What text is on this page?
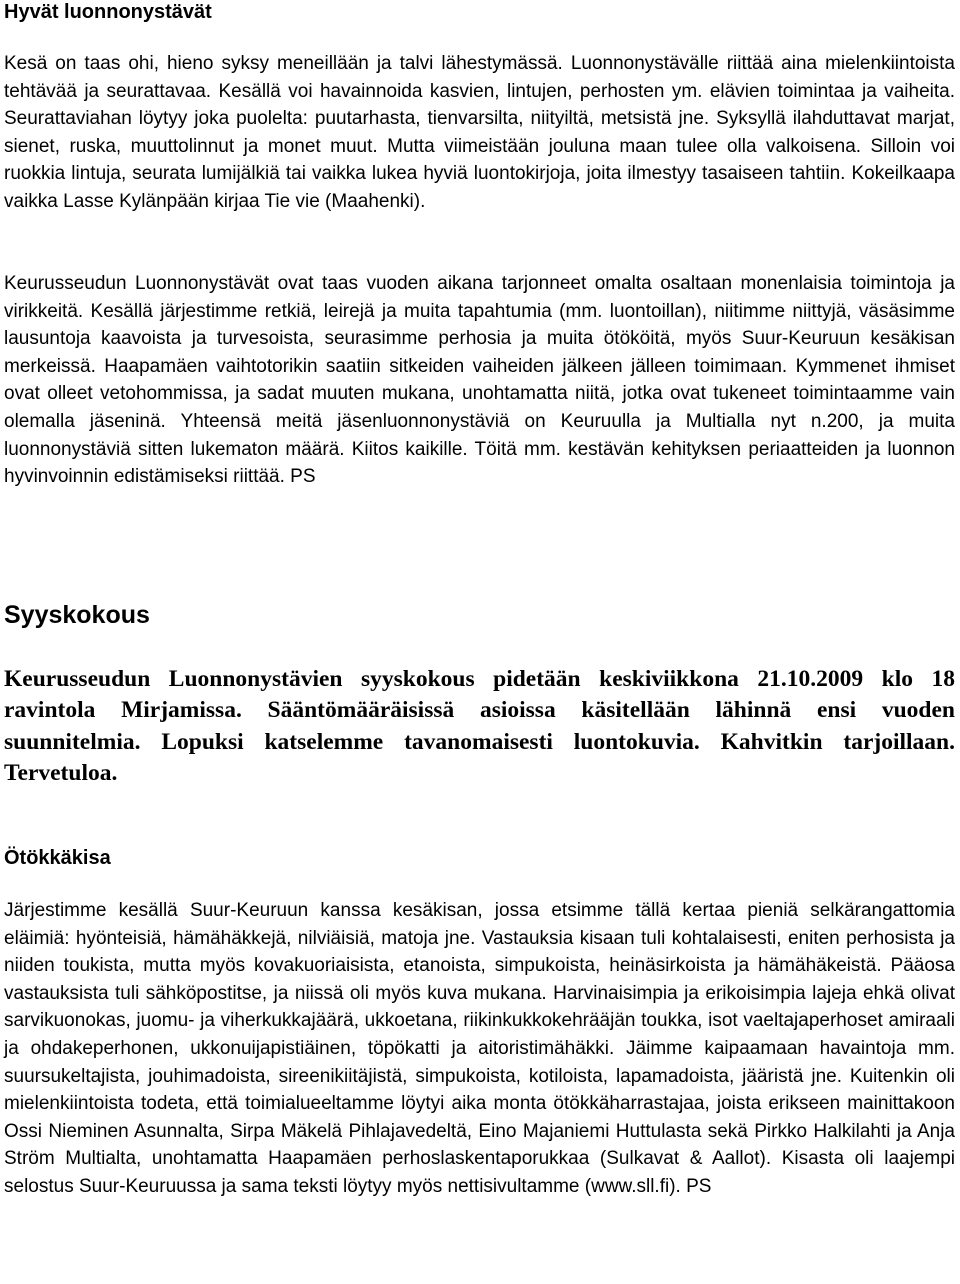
Hyvät luonnonystävät

Kesä on taas ohi, hieno syksy meneillään ja talvi lähestymässä. Luonnonystävälle riittää aina mielenkiintoista tehtävää ja seurattavaa. Kesällä voi havainnoida kasvien, lintujen, perhosten ym. elävien toimintaa ja vaiheita. Seurattaviahan löytyy joka puolelta: puutarhasta, tienvarsilta, niityiltä, metsistä jne. Syksyllä ilahduttavat marjat, sienet, ruska, muuttolinnut ja monet muut. Mutta viimeistään jouluna maan tulee olla valkoisena. Silloin voi ruokkia lintuja, seurata lumijälkiä tai vaikka lukea hyviä luontokirjoja, joita ilmestyy tasaiseen tahtiin. Kokeilkaapa vaikka Lasse Kylänpään kirjaa Tie vie (Maahenki).

Keurusseudun Luonnonystävät ovat taas vuoden aikana tarjonneet omalta osaltaan monenlaisia toimintoja ja virikkeitä. Kesällä järjestimme retkiä, leirejä ja muita tapahtumia (mm. luontoillan), niitimme niittyjä, väsäsimme lausuntoja kaavoista ja turvesoista, seurasimme perhosia ja muita ötököitä, myös Suur-Keuruun kesäkisan merkeissä. Haapamäen vaihtotorikin saatiin sitkeiden vaiheiden jälkeen jälleen toimimaan. Kymmenet ihmiset ovat olleet vetohommissa, ja sadat muuten mukana, unohtamatta niitä, jotka ovat tukeneet toimintaamme vain olemalla jäseninä. Yhteensä meitä jäsenluonnonystäviä on Keuruulla ja Multialla nyt n.200, ja muita luonnonystäviä sitten lukematon määrä. Kiitos kaikille. Töitä mm. kestävän kehityksen periaatteiden ja luonnon hyvinvoinnin edistämiseksi riittää. PS

Syyskokous

Keurusseudun Luonnonystävien syyskokous pidetään keskiviikkona 21.10.2009 klo 18 ravintola Mirjamissa. Sääntömääräisissä asioissa käsitellään lähinnä ensi vuoden suunnitelmia. Lopuksi katselemme tavanomaisesti luontokuvia. Kahvitkin tarjoillaan. Tervetuloa.

Ötökkäkisa

Järjestimme kesällä Suur-Keuruun kanssa kesäkisan, jossa etsimme tällä kertaa pieniä selkärangattomia eläimiä: hyönteisiä, hämähäkkejä, nilviäisiä, matoja jne. Vastauksia kisaan tuli kohtalaisesti, eniten perhosista ja niiden toukista, mutta myös kovakuoriaisista, etanoista, simpukoista, heinäsirkoista ja hämähäkeistä. Pääosa vastauksista tuli sähköpostitse, ja niissä oli myös kuva mukana. Harvinaisimpia ja erikoisimpia lajeja ehkä olivat sarvikuonokas, juomu- ja viherkukkajäärä, ukkoetana, riikinkukkokehrääjän toukka, isot vaeltajaperhoset amiraali ja ohdakeperhonen, ukkonuijapistiäinen, töpökatti ja aitoristimähäkki. Jäimme kaipaamaan havaintoja mm. suursukeltajista, jouhimadoista, sireenikiitäjistä, simpukoista, kotiloista, lapamadoista, jääristä jne. Kuitenkin oli mielenkiintoista todeta, että toimialueeltamme löytyi aika monta ötökkäharrastajaa, joista erikseen mainittakoon Ossi Nieminen Asunnalta, Sirpa Mäkelä Pihlajavedeltä, Eino Majaniemi Huttulasta sekä Pirkko Halkilahti ja Anja Ström Multialta, unohtamatta Haapamäen perhoslaskentaporukkaa (Sulkavat & Aallot). Kisasta oli laajempi selostus Suur-Keuruussa ja sama teksti löytyy myös nettisivultamme (www.sll.fi). PS
